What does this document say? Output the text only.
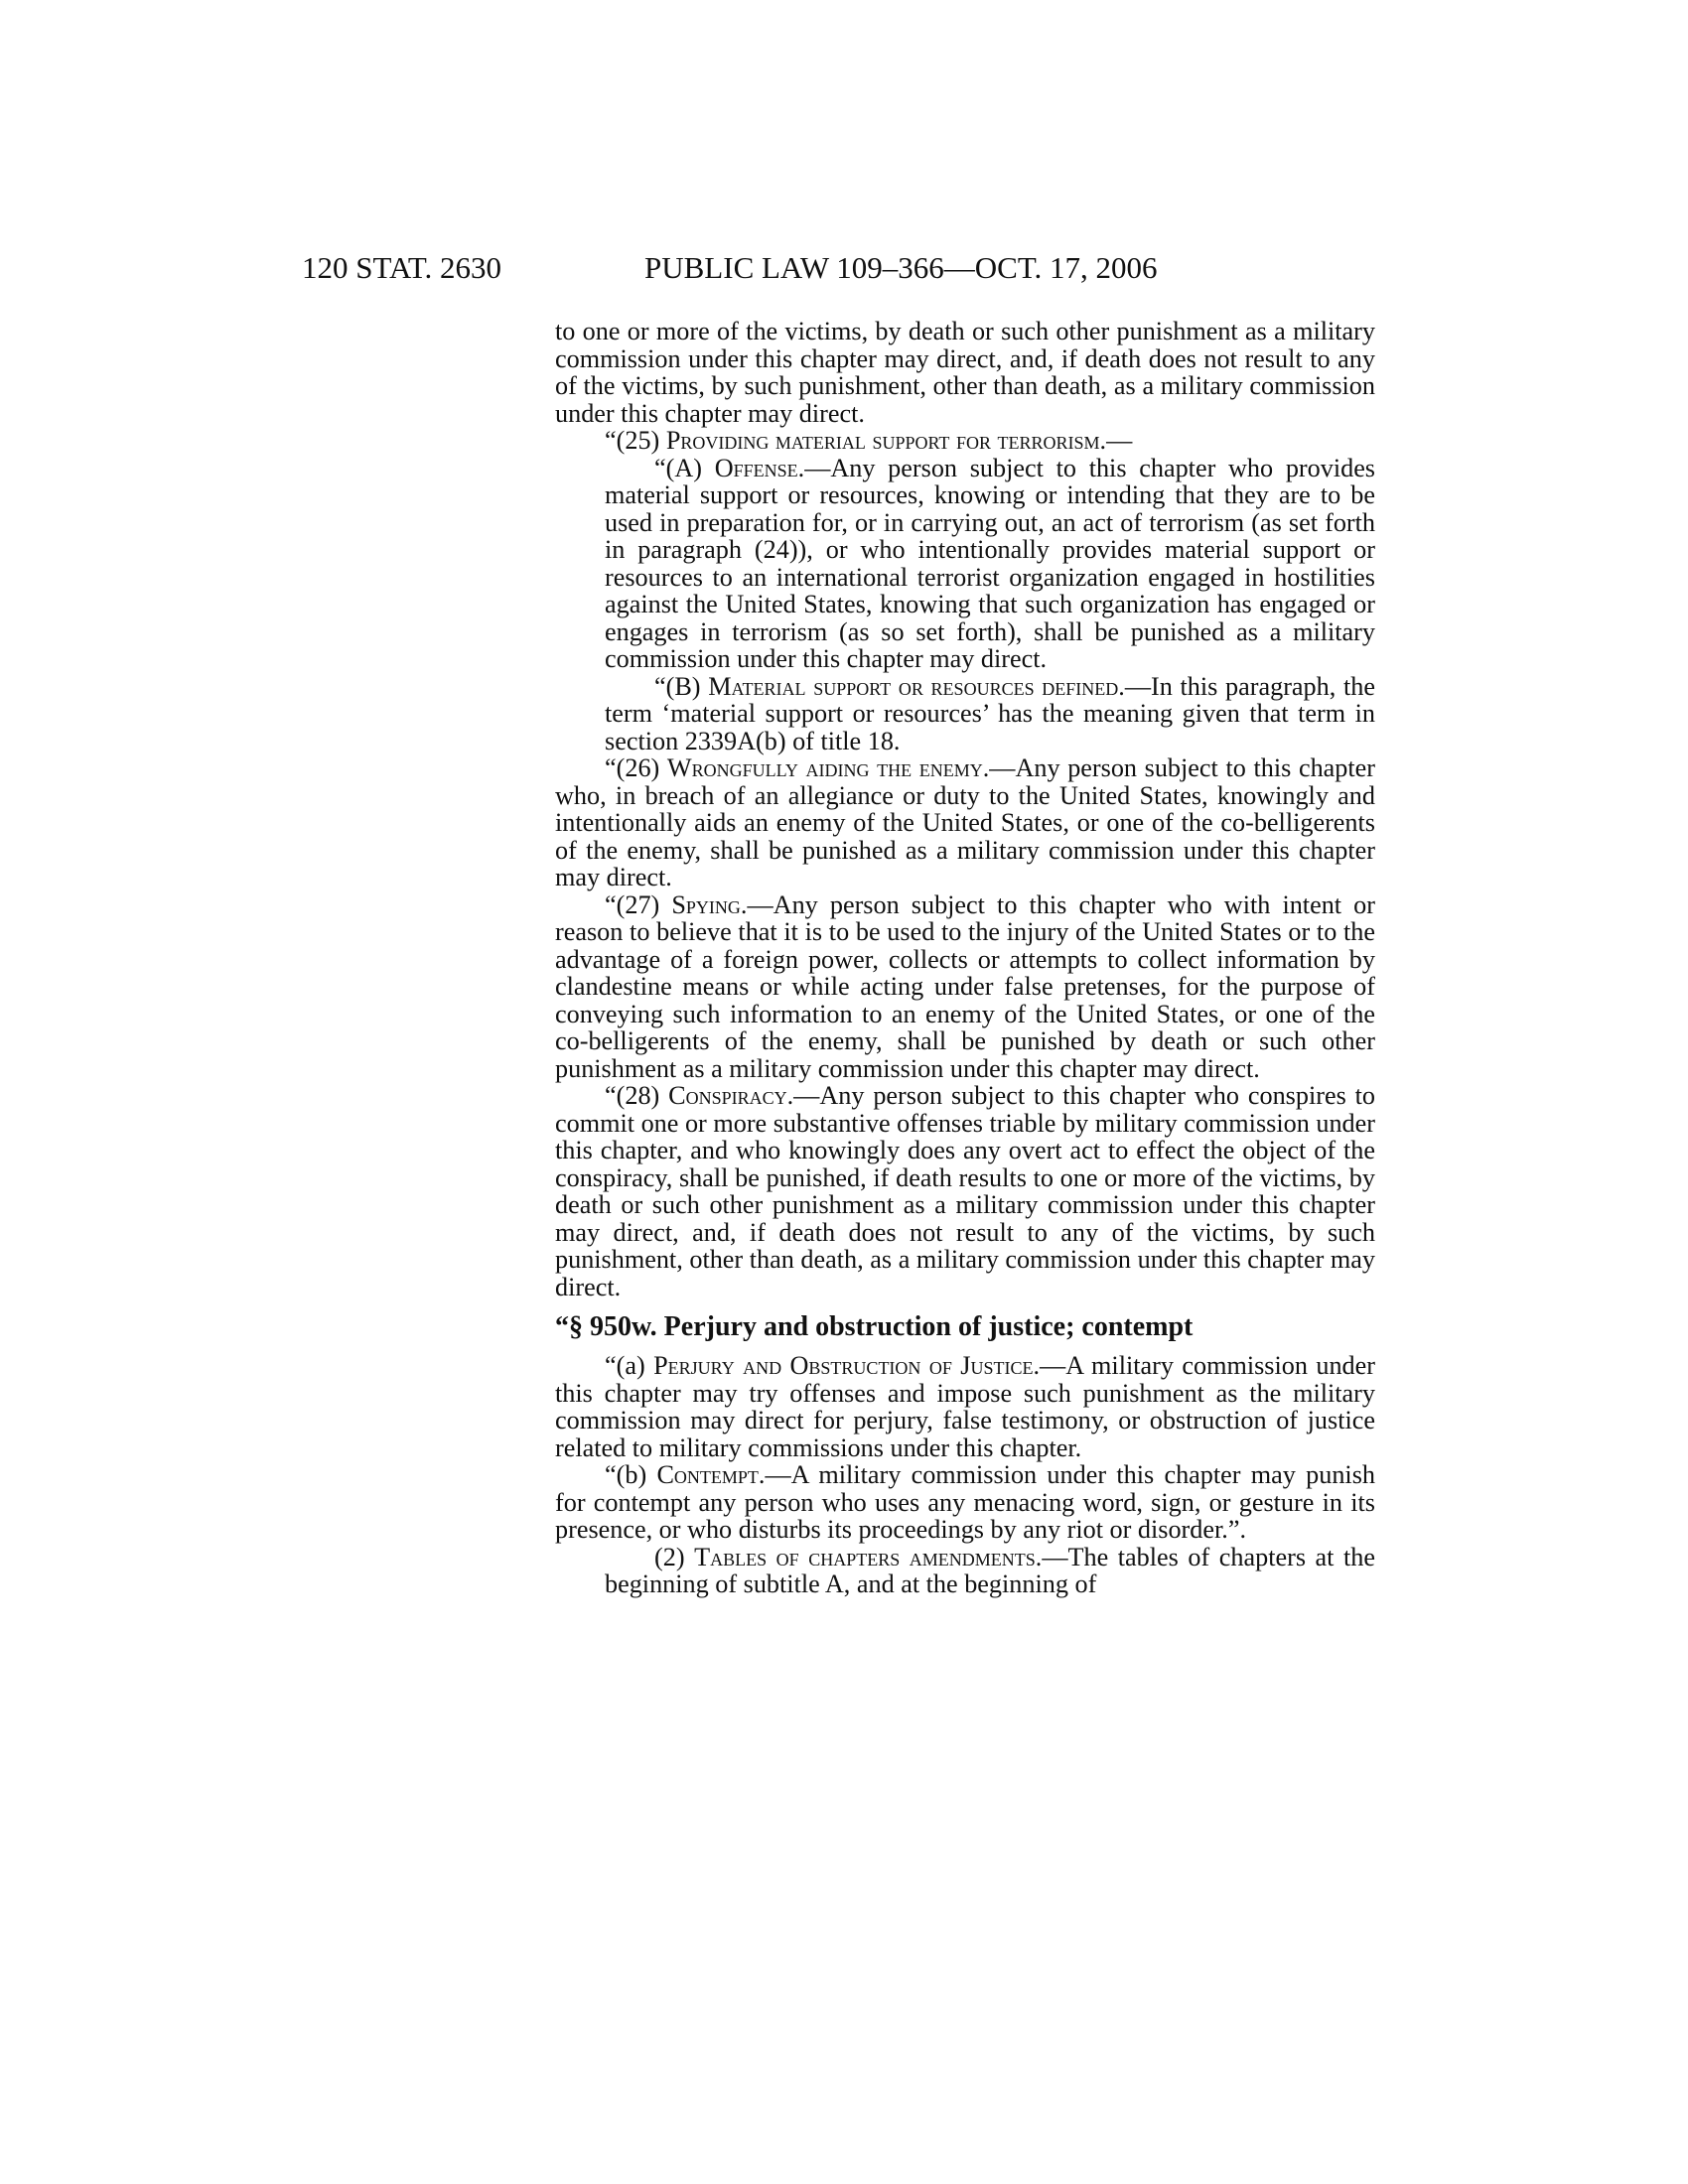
120 STAT. 2630	PUBLIC LAW 109–366—OCT. 17, 2006

to one or more of the victims, by death or such other punishment as a military commission under this chapter may direct, and, if death does not result to any of the victims, by such punishment, other than death, as a military commission under this chapter may direct.

“(25) Providing material support for terrorism.—

“(A) Offense.—Any person subject to this chapter who provides material support or resources, knowing or intending that they are to be used in preparation for, or in carrying out, an act of terrorism (as set forth in paragraph (24)), or who intentionally provides material support or resources to an international terrorist organization engaged in hostilities against the United States, knowing that such organization has engaged or engages in terrorism (as so set forth), shall be punished as a military commission under this chapter may direct.

“(B) Material support or resources defined.—In this paragraph, the term ‘material support or resources’ has the meaning given that term in section 2339A(b) of title 18.

“(26) Wrongfully aiding the enemy.—Any person subject to this chapter who, in breach of an allegiance or duty to the United States, knowingly and intentionally aids an enemy of the United States, or one of the co-belligerents of the enemy, shall be punished as a military commission under this chapter may direct.

“(27) Spying.—Any person subject to this chapter who with intent or reason to believe that it is to be used to the injury of the United States or to the advantage of a foreign power, collects or attempts to collect information by clandestine means or while acting under false pretenses, for the purpose of conveying such information to an enemy of the United States, or one of the co-belligerents of the enemy, shall be punished by death or such other punishment as a military commission under this chapter may direct.

“(28) Conspiracy.—Any person subject to this chapter who conspires to commit one or more substantive offenses triable by military commission under this chapter, and who knowingly does any overt act to effect the object of the conspiracy, shall be punished, if death results to one or more of the victims, by death or such other punishment as a military commission under this chapter may direct, and, if death does not result to any of the victims, by such punishment, other than death, as a military commission under this chapter may direct.

“§ 950w. Perjury and obstruction of justice; contempt

“(a) Perjury and Obstruction of Justice.—A military commission under this chapter may try offenses and impose such punishment as the military commission may direct for perjury, false testimony, or obstruction of justice related to military commissions under this chapter.

“(b) Contempt.—A military commission under this chapter may punish for contempt any person who uses any menacing word, sign, or gesture in its presence, or who disturbs its proceedings by any riot or disorder.”.

(2) Tables of chapters amendments.—The tables of chapters at the beginning of subtitle A, and at the beginning of
